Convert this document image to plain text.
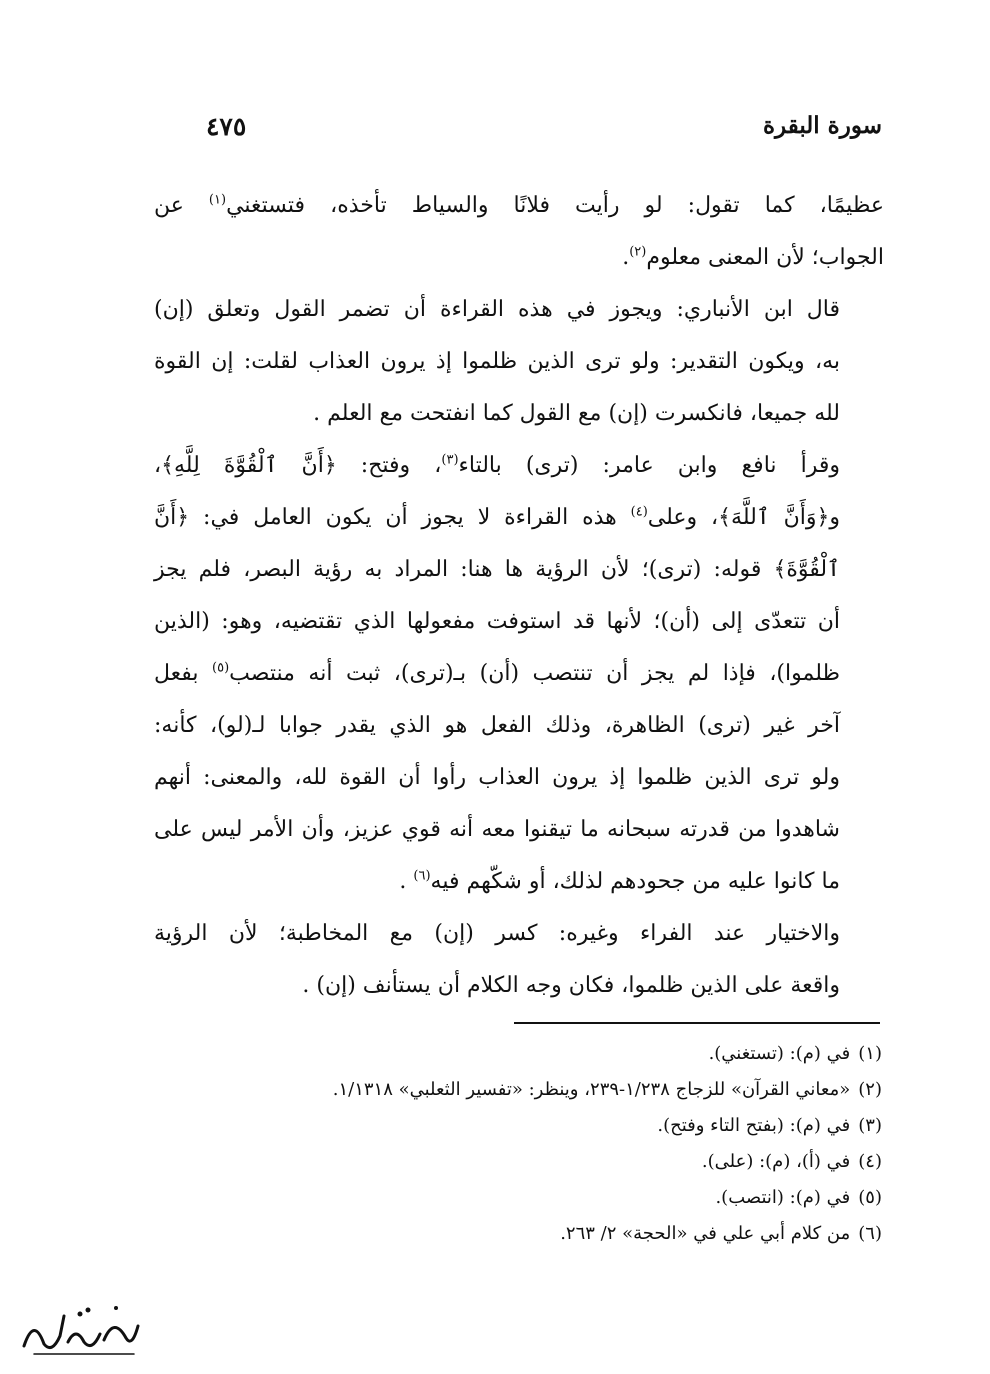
سورة البقرة
٤٧٥

عظيمًا، كما تقول: لو رأيت فلانًا والسياط تأخذه، فتستغني$^{(١)}$ عن
الجواب؛ لأن المعنى معلوم$^{(٢)}$.

قال ابن الأنباري: ويجوز في هذه القراءة أن تضمر القول وتعلق (إن)
به، ويكون التقدير: ولو ترى الذين ظلموا إذ يرون العذاب لقلت: إن القوة
لله جميعا، فانكسرت (إن) مع القول كما انفتحت مع العلم .

وقرأ نافع وابن عامر: (ترى) بالتاء$^{(٣)}$، وفتح: ﴿أَنَّ ٱلْقُوَّةَ لِلَّهِ﴾،
و﴿وَأَنَّ ٱللَّهَ﴾، وعلى$^{(٤)}$ هذه القراءة لا يجوز أن يكون العامل في: ﴿أَنَّ
ٱلْقُوَّةَ﴾ قوله: (ترى)؛ لأن الرؤية ها هنا: المراد به رؤية البصر، فلم يجز
أن تتعدّى إلى (أن)؛ لأنها قد استوفت مفعولها الذي تقتضيه، وهو: (الذين
ظلموا)، فإذا لم يجز أن تنتصب (أن) بـ(ترى)، ثبت أنه منتصب$^{(٥)}$ بفعل
آخر غير (ترى) الظاهرة، وذلك الفعل هو الذي يقدر جوابا لـ(لو)، كأنه:
ولو ترى الذين ظلموا إذ يرون العذاب رأوا أن القوة لله، والمعنى: أنهم
شاهدوا من قدرته سبحانه ما تيقنوا معه أنه قوي عزيز، وأن الأمر ليس على
ما كانوا عليه من جحودهم لذلك، أو شكّهم فيه$^{(٦)}$ .

والاختيار عند الفراء وغيره: كسر (إن) مع المخاطبة؛ لأن الرؤية
واقعة على الذين ظلموا، فكان وجه الكلام أن يستأنف (إن) .

(١)في (م): (تستغني).
(٢)«معاني القرآن» للزجاج ١/٢٣٨-٢٣٩، وينظر: «تفسير الثعلبي» ١/١٣١٨.
(٣)في (م): (بفتح التاء وفتح).
(٤)في (أ)، (م): (على).
(٥)في (م): (انتصب).
(٦)من كلام أبي علي في «الحجة» ٢/ ٢٦٣.
